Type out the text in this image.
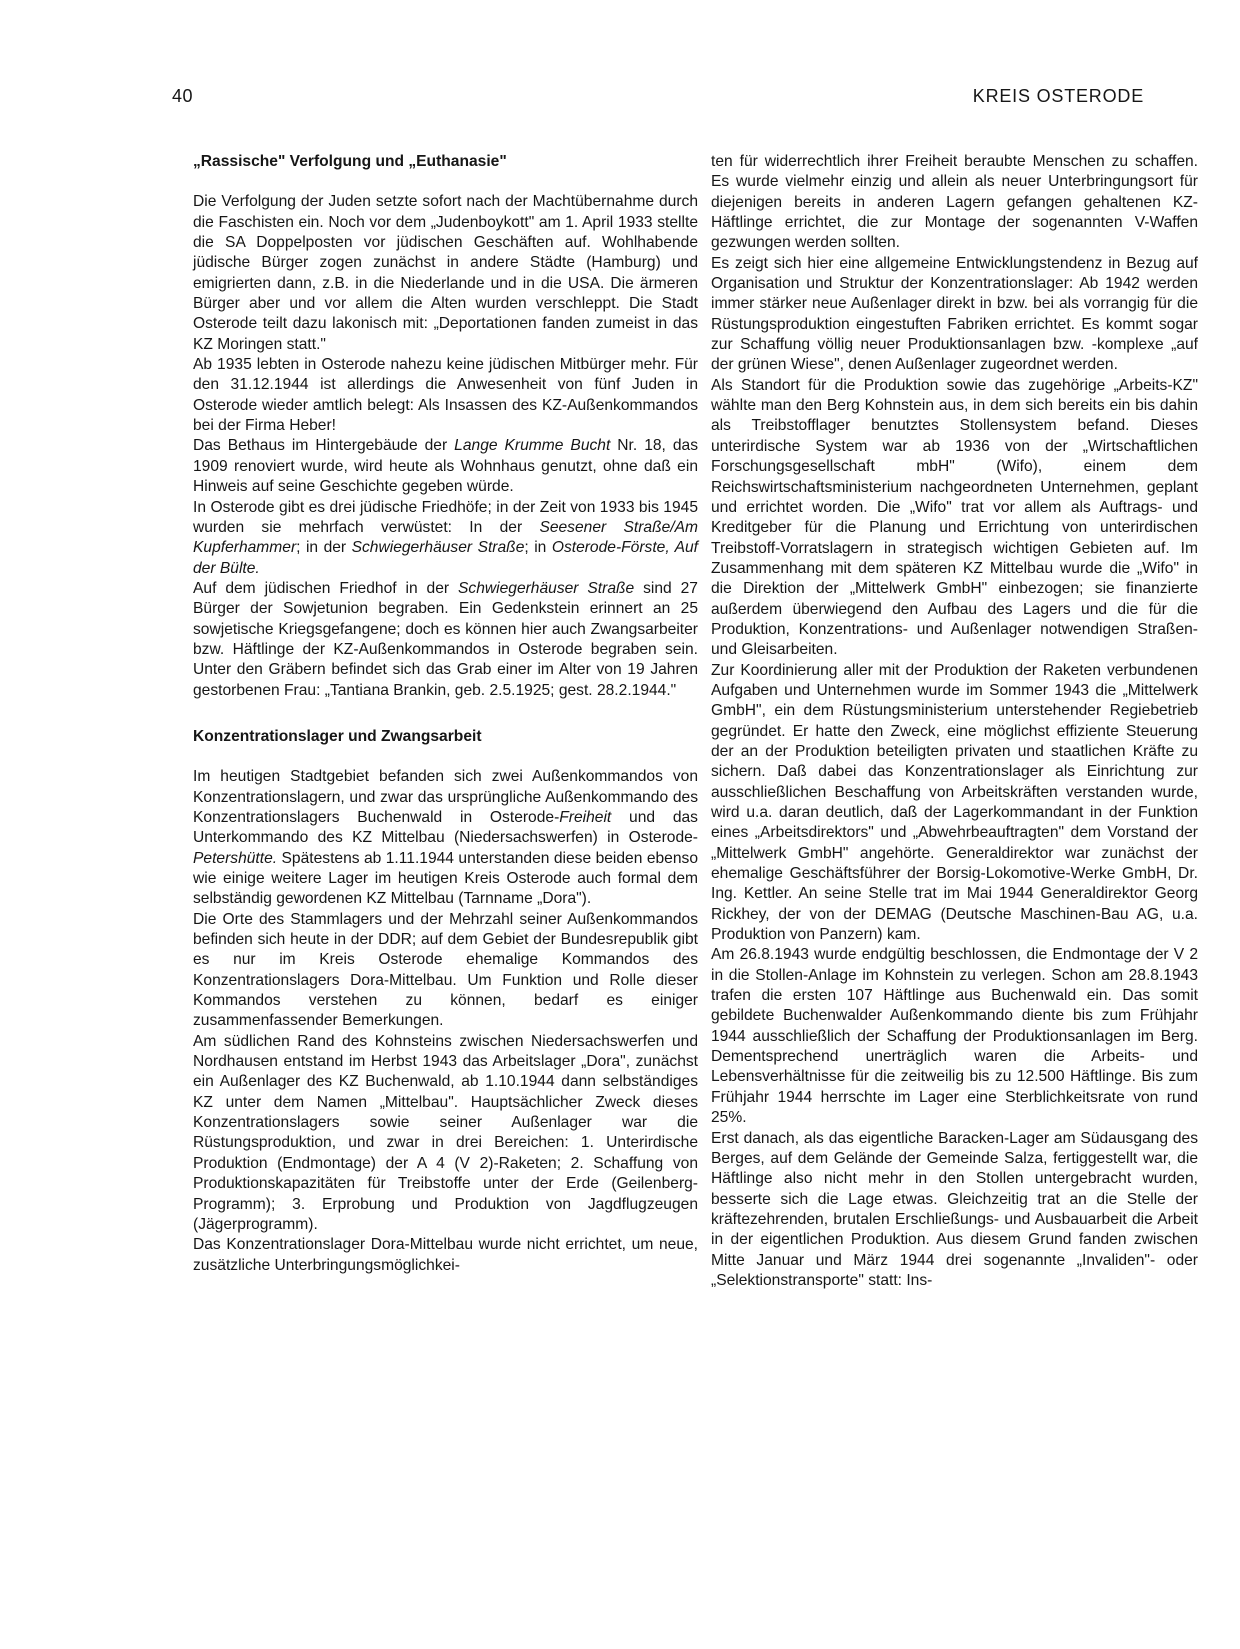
40	KREIS OSTERODE
„Rassische" Verfolgung und „Euthanasie"

Die Verfolgung der Juden setzte sofort nach der Machtübernahme durch die Faschisten ein. Noch vor dem „Judenboykott" am 1. April 1933 stellte die SA Doppelposten vor jüdischen Geschäften auf. Wohlhabende jüdische Bürger zogen zunächst in andere Städte (Hamburg) und emigrierten dann, z.B. in die Niederlande und in die USA. Die ärmeren Bürger aber und vor allem die Alten wurden verschleppt. Die Stadt Osterode teilt dazu lakonisch mit: „Deportationen fanden zumeist in das KZ Moringen statt."

Ab 1935 lebten in Osterode nahezu keine jüdischen Mitbürger mehr. Für den 31.12.1944 ist allerdings die Anwesenheit von fünf Juden in Osterode wieder amtlich belegt: Als Insassen des KZ-Außenkommandos bei der Firma Heber!

Das Bethaus im Hintergebäude der Lange Krumme Bucht Nr. 18, das 1909 renoviert wurde, wird heute als Wohnhaus genutzt, ohne daß ein Hinweis auf seine Geschichte gegeben würde.

In Osterode gibt es drei jüdische Friedhöfe; in der Zeit von 1933 bis 1945 wurden sie mehrfach verwüstet: In der Seesener Straße/Am Kupferhammer; in der Schwiegerhäuser Straße; in Osterode-Förste, Auf der Bülte.

Auf dem jüdischen Friedhof in der Schwiegerhäuser Straße sind 27 Bürger der Sowjetunion begraben. Ein Gedenkstein erinnert an 25 sowjetische Kriegsgefangene; doch es können hier auch Zwangsarbeiter bzw. Häftlinge der KZ-Außenkommandos in Osterode begraben sein. Unter den Gräbern befindet sich das Grab einer im Alter von 19 Jahren gestorbenen Frau: „Tantiana Brankin, geb. 2.5.1925; gest. 28.2.1944."

Konzentrationslager und Zwangsarbeit

Im heutigen Stadtgebiet befanden sich zwei Außenkommandos von Konzentrationslagern, und zwar das ursprüngliche Außenkommando des Konzentrationslagers Buchenwald in Osterode-Freiheit und das Unterkommando des KZ Mittelbau (Niedersachswerfen) in Osterode-Petershütte. Spätestens ab 1.11.1944 unterstanden diese beiden ebenso wie einige weitere Lager im heutigen Kreis Osterode auch formal dem selbständig gewordenen KZ Mittelbau (Tarnname „Dora").

Die Orte des Stammlagers und der Mehrzahl seiner Außenkommandos befinden sich heute in der DDR; auf dem Gebiet der Bundesrepublik gibt es nur im Kreis Osterode ehemalige Kommandos des Konzentrationslagers Dora-Mittelbau. Um Funktion und Rolle dieser Kommandos verstehen zu können, bedarf es einiger zusammenfassender Bemerkungen.

Am südlichen Rand des Kohnsteins zwischen Niedersachswerfen und Nordhausen entstand im Herbst 1943 das Arbeitslager „Dora", zunächst ein Außenlager des KZ Buchenwald, ab 1.10.1944 dann selbständiges KZ unter dem Namen „Mittelbau". Hauptsächlicher Zweck dieses Konzentrationslagers sowie seiner Außenlager war die Rüstungsproduktion, und zwar in drei Bereichen: 1. Unterirdische Produktion (Endmontage) der A 4 (V 2)-Raketen; 2. Schaffung von Produktionskapazitäten für Treibstoffe unter der Erde (Geilenberg-Programm); 3. Erprobung und Produktion von Jagdflugzeugen (Jägerprogramm).

Das Konzentrationslager Dora-Mittelbau wurde nicht errichtet, um neue, zusätzliche Unterbringungsmöglichkei-

ten für widerrechtlich ihrer Freiheit beraubte Menschen zu schaffen. Es wurde vielmehr einzig und allein als neuer Unterbringungsort für diejenigen bereits in anderen Lagern gefangen gehaltenen KZ-Häftlinge errichtet, die zur Montage der sogenannten V-Waffen gezwungen werden sollten.

Es zeigt sich hier eine allgemeine Entwicklungstendenz in Bezug auf Organisation und Struktur der Konzentrationslager: Ab 1942 werden immer stärker neue Außenlager direkt in bzw. bei als vorrangig für die Rüstungsproduktion eingestuften Fabriken errichtet. Es kommt sogar zur Schaffung völlig neuer Produktionsanlagen bzw. -komplexe „auf der grünen Wiese", denen Außenlager zugeordnet werden.

Als Standort für die Produktion sowie das zugehörige „Arbeits-KZ" wählte man den Berg Kohnstein aus, in dem sich bereits ein bis dahin als Treibstofflager benutztes Stollensystem befand. Dieses unterirdische System war ab 1936 von der „Wirtschaftlichen Forschungsgesellschaft mbH" (Wifo), einem dem Reichswirtschaftsministerium nachgeordneten Unternehmen, geplant und errichtet worden. Die „Wifo" trat vor allem als Auftrags- und Kreditgeber für die Planung und Errichtung von unterirdischen Treibstoff-Vorratslagern in strategisch wichtigen Gebieten auf. Im Zusammenhang mit dem späteren KZ Mittelbau wurde die „Wifo" in die Direktion der „Mittelwerk GmbH" einbezogen; sie finanzierte außerdem überwiegend den Aufbau des Lagers und die für die Produktion, Konzentrations- und Außenlager notwendigen Straßen- und Gleisarbeiten.

Zur Koordinierung aller mit der Produktion der Raketen verbundenen Aufgaben und Unternehmen wurde im Sommer 1943 die „Mittelwerk GmbH", ein dem Rüstungsministerium unterstehender Regiebetrieb gegründet. Er hatte den Zweck, eine möglichst effiziente Steuerung der an der Produktion beteiligten privaten und staatlichen Kräfte zu sichern. Daß dabei das Konzentrationslager als Einrichtung zur ausschließlichen Beschaffung von Arbeitskräften verstanden wurde, wird u.a. daran deutlich, daß der Lagerkommandant in der Funktion eines „Arbeitsdirektors" und „Abwehrbeauftragten" dem Vorstand der „Mittelwerk GmbH" angehörte. Generaldirektor war zunächst der ehemalige Geschäftsführer der Borsig-Lokomotive-Werke GmbH, Dr. Ing. Kettler. An seine Stelle trat im Mai 1944 Generaldirektor Georg Rickhey, der von der DEMAG (Deutsche Maschinen-Bau AG, u.a. Produktion von Panzern) kam.

Am 26.8.1943 wurde endgültig beschlossen, die Endmontage der V 2 in die Stollen-Anlage im Kohnstein zu verlegen. Schon am 28.8.1943 trafen die ersten 107 Häftlinge aus Buchenwald ein. Das somit gebildete Buchenwalder Außenkommando diente bis zum Frühjahr 1944 ausschließlich der Schaffung der Produktionsanlagen im Berg. Dementsprechend unerträglich waren die Arbeits- und Lebensverhältnisse für die zeitweilig bis zu 12.500 Häftlinge. Bis zum Frühjahr 1944 herrschte im Lager eine Sterblichkeitsrate von rund 25%.

Erst danach, als das eigentliche Baracken-Lager am Südausgang des Berges, auf dem Gelände der Gemeinde Salza, fertiggestellt war, die Häftlinge also nicht mehr in den Stollen untergebracht wurden, besserte sich die Lage etwas. Gleichzeitig trat an die Stelle der kräftezehrenden, brutalen Erschließungs- und Ausbauarbeit die Arbeit in der eigentlichen Produktion. Aus diesem Grund fanden zwischen Mitte Januar und März 1944 drei sogenannte „Invaliden"- oder „Selektionstransporte" statt: Ins-
